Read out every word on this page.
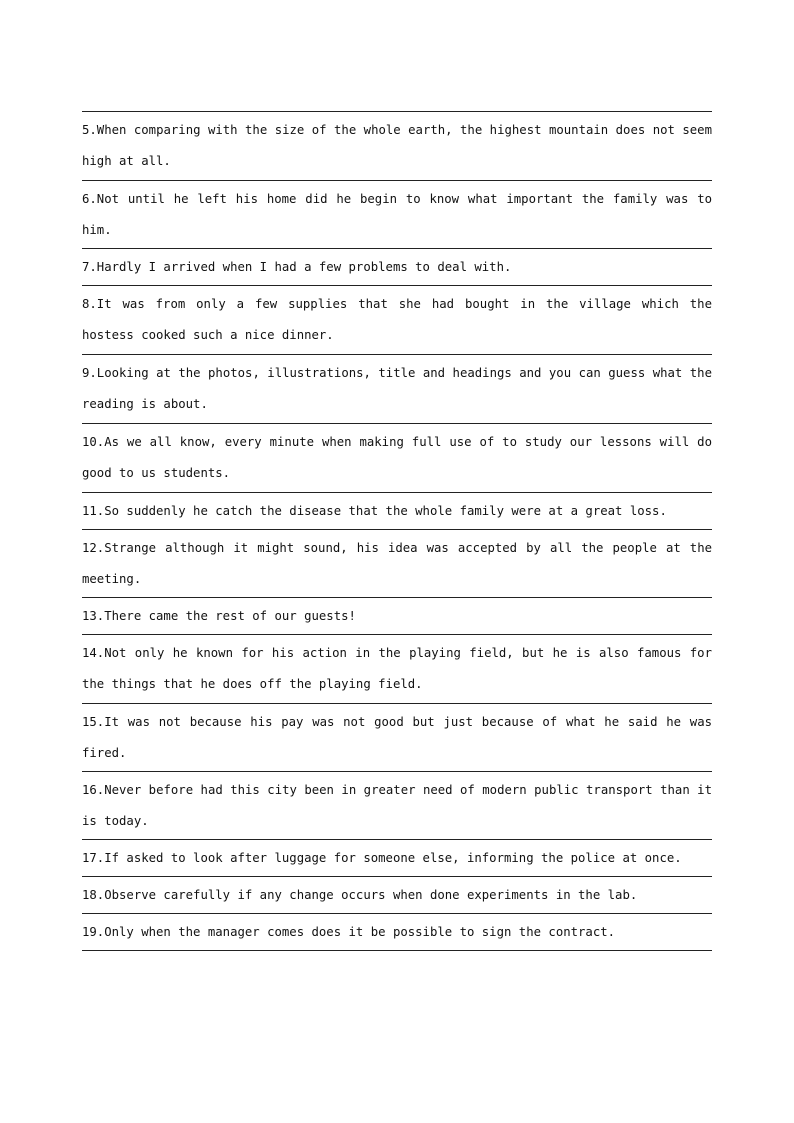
5.When comparing with the size of the whole earth, the highest mountain does not seem high at all.
6.Not until he left his home did he begin to know what important the family was to him.
7.Hardly I arrived when I had a few problems to deal with.
8.It was from only a few supplies that she had bought in the village which the hostess cooked such a nice dinner.
9.Looking at the photos, illustrations, title and headings and you can guess what the reading is about.
10.As we all know, every minute when making full use of to study our lessons will do good to us students.
11.So suddenly he catch the disease that the whole family were at a great loss.
12.Strange although it might sound, his idea was accepted by all the people at the meeting.
13.There came the rest of our guests!
14.Not only he known for his action in the playing field, but he is also famous for the things that he does off the playing field.
15.It was not because his pay was not good but just because of what he said he was fired.
16.Never before had this city been in greater need of modern public transport than it is today.
17.If asked to look after luggage for someone else, informing the police at once.
18.Observe carefully if any change occurs when done experiments in the lab.
19.Only when the manager comes does it be possible to sign the contract.
